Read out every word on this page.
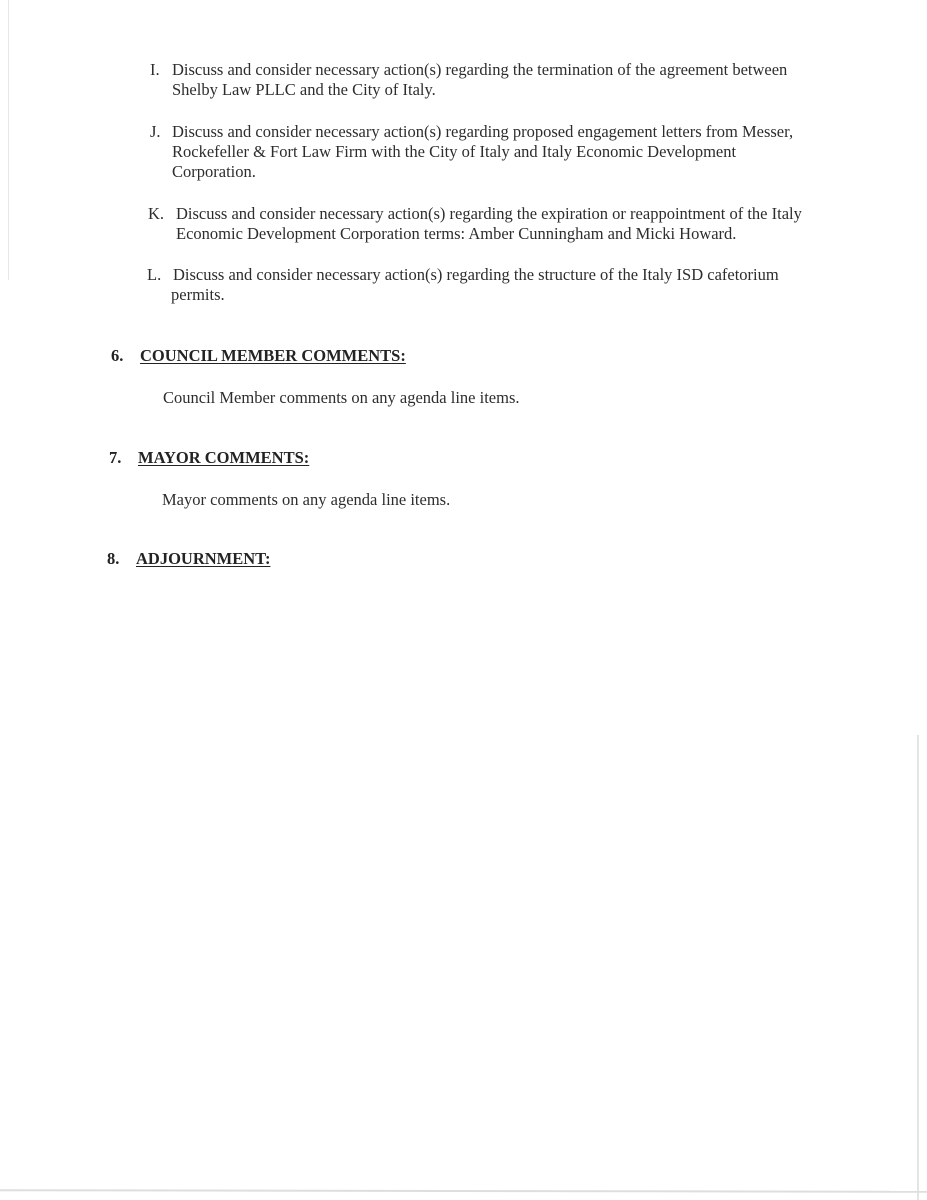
I. Discuss and consider necessary action(s) regarding the termination of the agreement between
Shelby Law PLLC and the City of Italy.
J. Discuss and consider necessary action(s) regarding proposed engagement letters from Messer,
Rockefeller & Fort Law Firm with the City of Italy and Italy Economic Development
Corporation.
K. Discuss and consider necessary action(s) regarding the expiration or reappointment of the Italy
Economic Development Corporation terms: Amber Cunningham and Micki Howard.
L. Discuss and consider necessary action(s) regarding the structure of the Italy ISD cafetorium
permits.
6. COUNCIL MEMBER COMMENTS:
Council Member comments on any agenda line items.
7. MAYOR COMMENTS:
Mayor comments on any agenda line items.
8. ADJOURNMENT:
